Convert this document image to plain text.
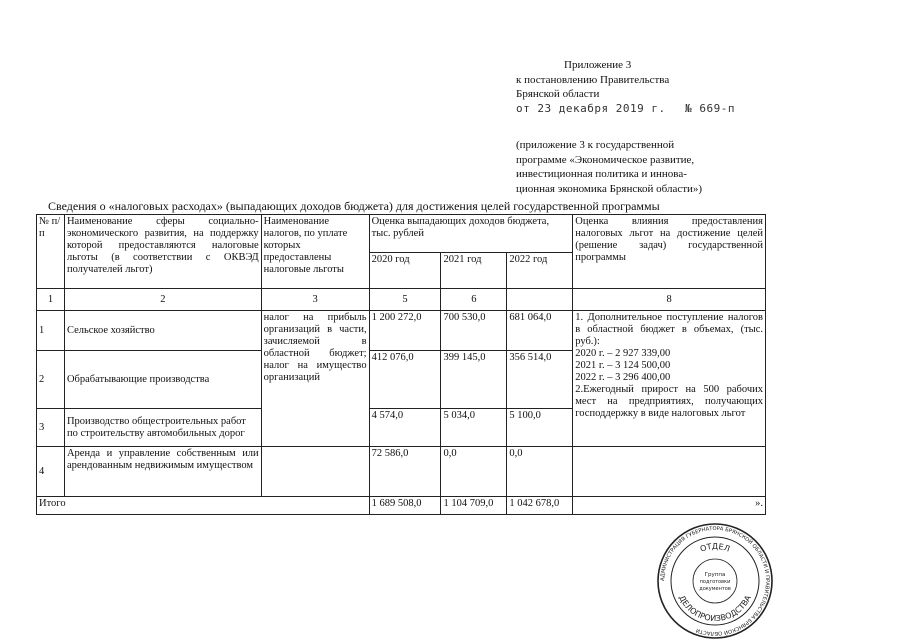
Приложение 3
к постановлению Правительства
Брянской области
от 23 декабря 2019 г. № 669-п
(приложение 3 к государственной
программе «Экономическое развитие,
инвестиционная политика и иннова-
ционная экономика Брянской области»)
Сведения о «налоговых расходах» (выпадающих доходов бюджета) для достижения целей государственной программы
№ п/п	Наименование сферы социально-экономического развития, на поддержку которой предоставляются налоговые льготы (в соответствии с ОКВЭД получателей льгот)	Наименование налогов, по уплате которых предоставлены налоговые льготы	Оценка выпадающих доходов бюджета, тыс. рублей			Оценка влияния предоставления налоговых льгот на достижение целей (решение задач) государственной программы
			2020 год	2021 год	2022 год	
1	2	3	5	6		8
1	Сельское хозяйство	налог на прибыль организаций в части, зачисляемой в областной бюджет; налог на имущество организаций	1 200 272,0	700 530,0	681 064,0	1. Дополнительное поступление налогов в областной бюджет в объемах, (тыс. руб.):
2020 г. – 2 927 339,00
2021 г. – 3 124 500,00
2022 г. – 3 296 400,00
2.Ежегодный прирост на 500 рабочих мест на предприятиях, получающих господдержку в виде налоговых льгот

2	Обрабатывающие производства		412 076,0	399 145,0	356 514,0	
3	Производство общестроительных работ по строительству автомобильных дорог		4 574,0	5 034,0	5 100,0	
4	Аренда и управление собственным или арендованным недвижимым имуществом		72 586,0	0,0	0,0	
Итого			1 689 508,0	1 104 709,0	1 042 678,0	».
АДМИНИСТРАЦИЯ ГУБЕРНАТОРА БРЯНСКОЙ ОБЛАСТИ И ПРАВИТЕЛЬСТВА БРЯНСКОЙ ОБЛАСТИ
ОТДЕЛ
ДЕЛОПРОИЗВОДСТВА
Группа
подготовки
документов
